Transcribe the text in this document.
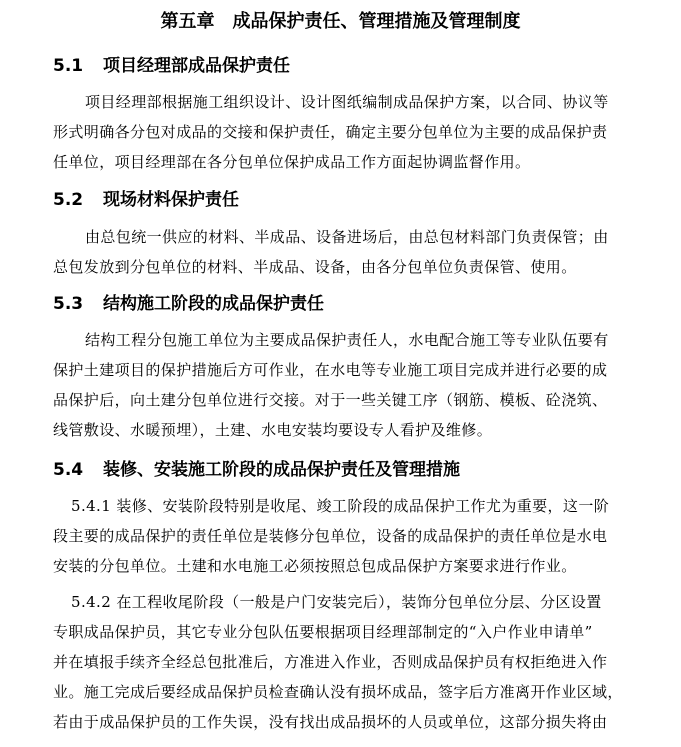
第五章　成品保护责任、管理措施及管理制度
5.1 项目经理部成品保护责任
项目经理部根据施工组织设计、设计图纸编制成品保护方案，以合同、协议等
形式明确各分包对成品的交接和保护责任，确定主要分包单位为主要的成品保护责
任单位，项目经理部在各分包单位保护成品工作方面起协调监督作用。
5.2 现场材料保护责任
由总包统一供应的材料、半成品、设备进场后，由总包材料部门负责保管；由
总包发放到分包单位的材料、半成品、设备，由各分包单位负责保管、使用。
5.3 结构施工阶段的成品保护责任
结构工程分包施工单位为主要成品保护责任人，水电配合施工等专业队伍要有
保护土建项目的保护措施后方可作业，在水电等专业施工项目完成并进行必要的成
品保护后，向土建分包单位进行交接。对于一些关键工序（钢筋、模板、砼浇筑、
线管敷设、水暖预埋），土建、水电安装均要设专人看护及维修。
5.4 装修、安装施工阶段的成品保护责任及管理措施
5.4.1 装修、安装阶段特别是收尾、竣工阶段的成品保护工作尤为重要，这一阶
段主要的成品保护的责任单位是装修分包单位，设备的成品保护的责任单位是水电
安装的分包单位。土建和水电施工必须按照总包成品保护方案要求进行作业。
5.4.2 在工程收尾阶段（一般是户门安装完后），装饰分包单位分层、分区设置
专职成品保护员，其它专业分包队伍要根据项目经理部制定的“入户作业申请单”
并在填报手续齐全经总包批准后，方准进入作业，否则成品保护员有权拒绝进入作
业。施工完成后要经成品保护员检查确认没有损坏成品，签字后方准离开作业区域，
若由于成品保护员的工作失误，没有找出成品损坏的人员或单位，这部分损失将由
